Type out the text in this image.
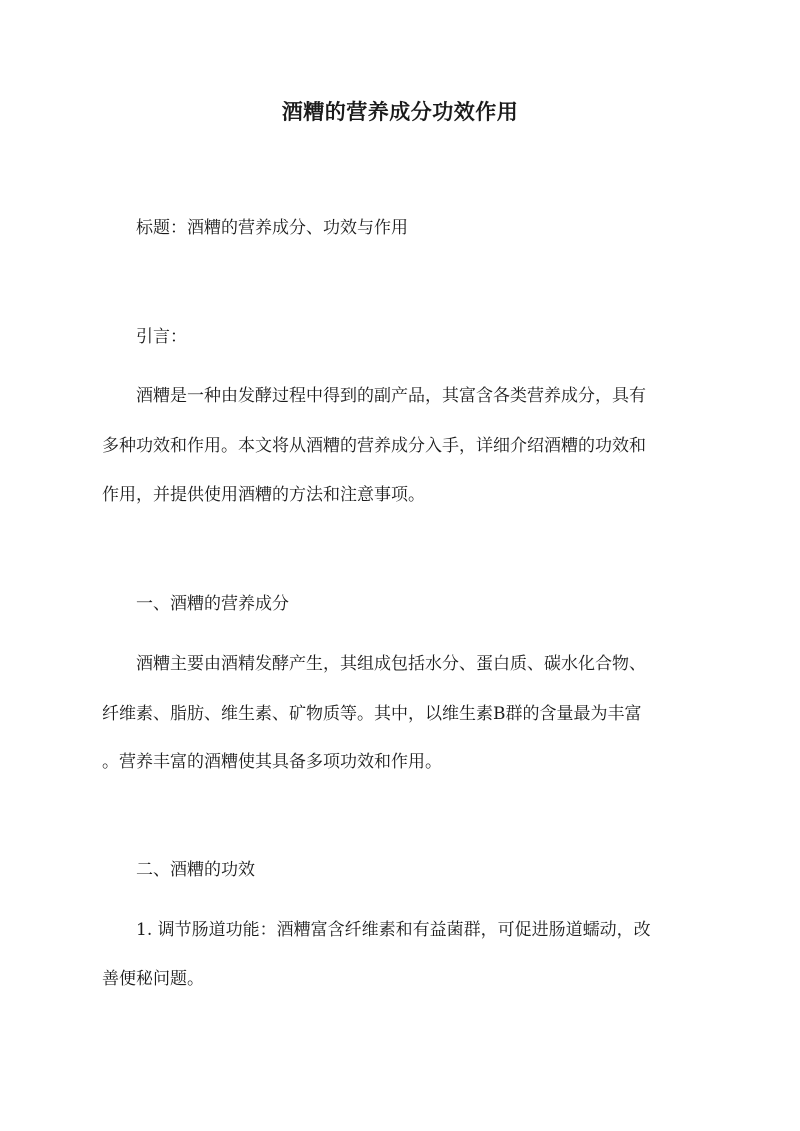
酒糟的营养成分功效作用

标题：酒糟的营养成分、功效与作用

引言：

酒糟是一种由发酵过程中得到的副产品，其富含各类营养成分，具有

多种功效和作用。本文将从酒糟的营养成分入手，详细介绍酒糟的功效和

作用，并提供使用酒糟的方法和注意事项。

一、酒糟的营养成分

酒糟主要由酒精发酵产生，其组成包括水分、蛋白质、碳水化合物、

纤维素、脂肪、维生素、矿物质等。其中，以维生素B群的含量最为丰富

。营养丰富的酒糟使其具备多项功效和作用。

二、酒糟的功效

1. 调节肠道功能：酒糟富含纤维素和有益菌群，可促进肠道蠕动，改

善便秘问题。
